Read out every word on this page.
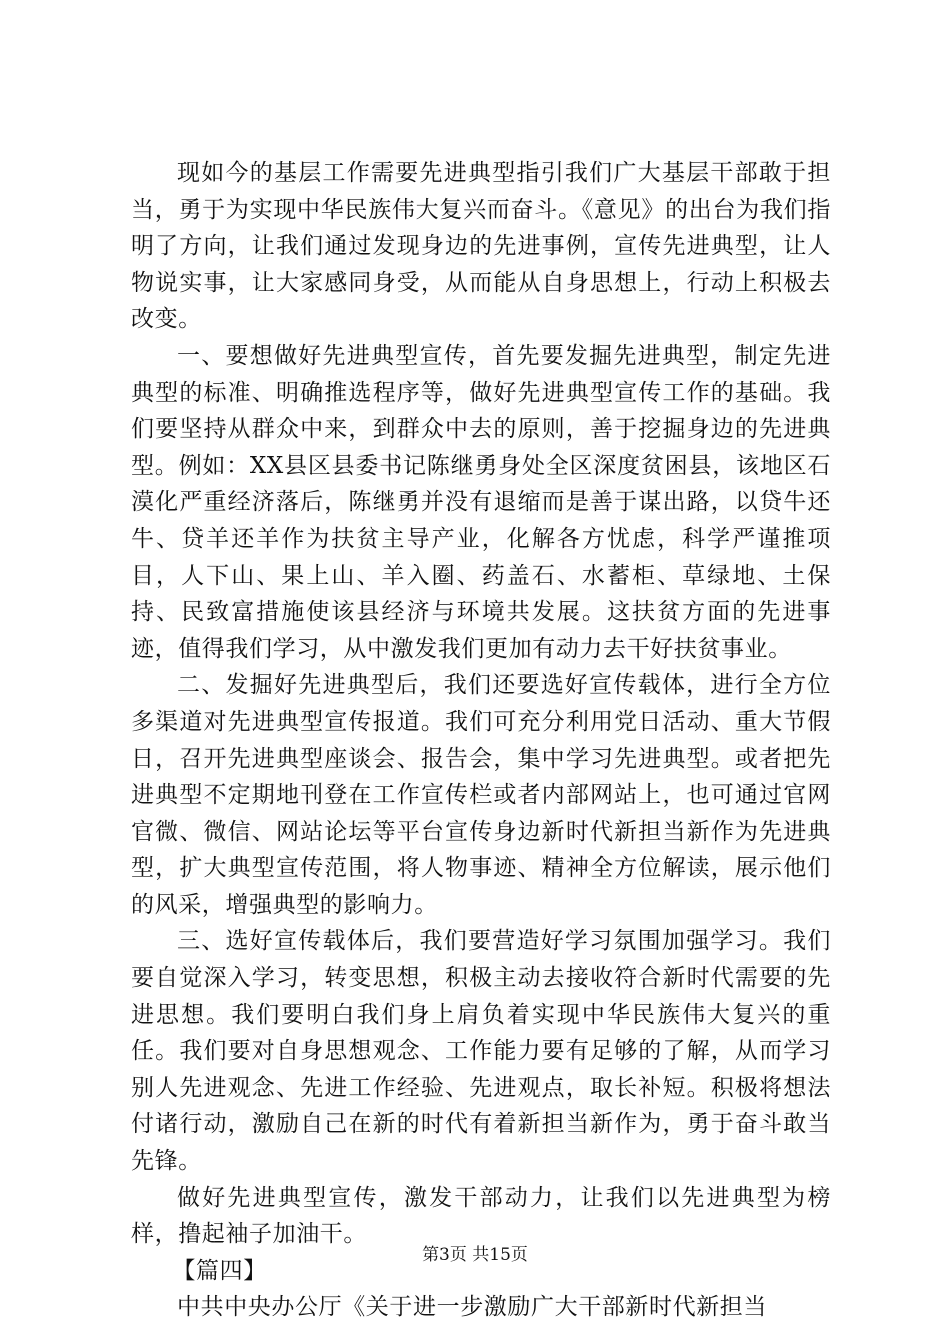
现如今的基层工作需要先进典型指引我们广大基层干部敢于担当，勇于为实现中华民族伟大复兴而奋斗。《意见》的出台为我们指明了方向，让我们通过发现身边的先进事例，宣传先进典型，让人物说实事，让大家感同身受，从而能从自身思想上，行动上积极去改变。

一、要想做好先进典型宣传，首先要发掘先进典型，制定先进典型的标准、明确推选程序等，做好先进典型宣传工作的基础。我们要坚持从群众中来，到群众中去的原则，善于挖掘身边的先进典型。例如：XX县区县委书记陈继勇身处全区深度贫困县，该地区石漠化严重经济落后，陈继勇并没有退缩而是善于谋出路，以贷牛还牛、贷羊还羊作为扶贫主导产业，化解各方忧虑，科学严谨推项目，人下山、果上山、羊入圈、药盖石、水蓄柜、草绿地、土保持、民致富措施使该县经济与环境共发展。这扶贫方面的先进事迹，值得我们学习，从中激发我们更加有动力去干好扶贫事业。

二、发掘好先进典型后，我们还要选好宣传载体，进行全方位多渠道对先进典型宣传报道。我们可充分利用党日活动、重大节假日，召开先进典型座谈会、报告会，集中学习先进典型。或者把先进典型不定期地刊登在工作宣传栏或者内部网站上，也可通过官网官微、微信、网站论坛等平台宣传身边新时代新担当新作为先进典型，扩大典型宣传范围，将人物事迹、精神全方位解读，展示他们的风采，增强典型的影响力。

三、选好宣传载体后，我们要营造好学习氛围加强学习。我们要自觉深入学习，转变思想，积极主动去接收符合新时代需要的先进思想。我们要明白我们身上肩负着实现中华民族伟大复兴的重任。我们要对自身思想观念、工作能力要有足够的了解，从而学习别人先进观念、先进工作经验、先进观点，取长补短。积极将想法付诸行动，激励自己在新的时代有着新担当新作为，勇于奋斗敢当先锋。

做好先进典型宣传，激发干部动力，让我们以先进典型为榜样，撸起袖子加油干。

【篇四】

中共中央办公厅《关于进一步激励广大干部新时代新担当

第3页 共15页
